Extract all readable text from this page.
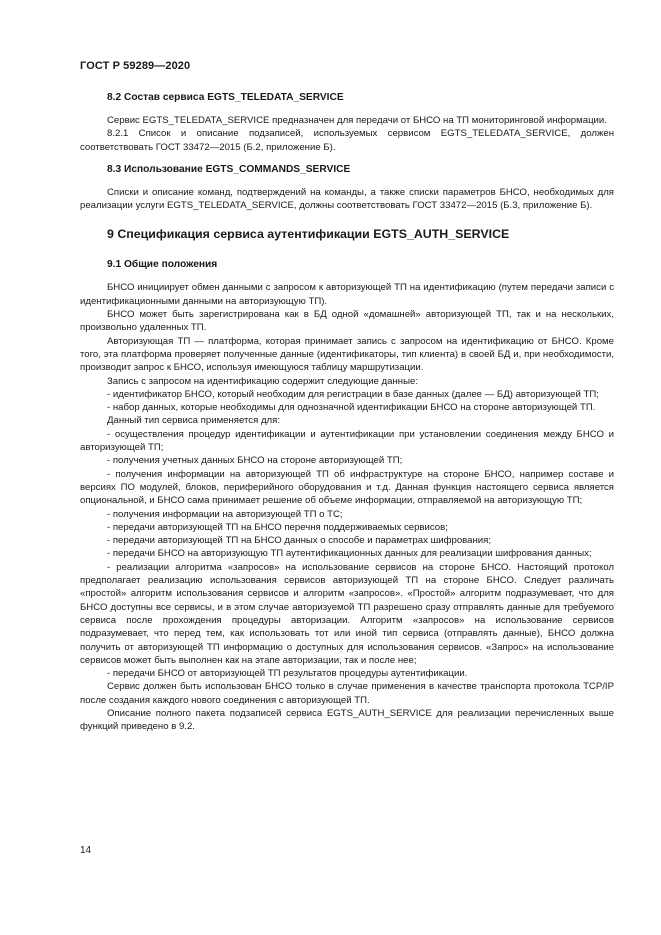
ГОСТ Р 59289—2020
8.2 Состав сервиса EGTS_TELEDATA_SERVICE

Сервис EGTS_TELEDATA_SERVICE предназначен для передачи от БНСО на ТП мониторинговой информации.

8.2.1 Список и описание подзаписей, используемых сервисом EGTS_TELEDATA_SERVICE, должен соответствовать ГОСТ 33472—2015 (Б.2, приложение Б).

8.3 Использование EGTS_COMMANDS_SERVICE

Списки и описание команд, подтверждений на команды, а также списки параметров БНСО, необходимых для реализации услуги EGTS_TELEDATA_SERVICE, должны соответствовать ГОСТ 33472—2015 (Б.3, приложение Б).

9 Спецификация сервиса аутентификации EGTS_AUTH_SERVICE
9.1 Общие положения

БНСО инициирует обмен данными с запросом к авторизующей ТП на идентификацию (путем передачи записи с идентификационными данными на авторизующую ТП).

БНСО может быть зарегистрирована как в БД одной «домашней» авторизующей ТП, так и на нескольких, произвольно удаленных ТП.

Авторизующая ТП — платформа, которая принимает запись с запросом на идентификацию от БНСО. Кроме того, эта платформа проверяет полученные данные (идентификаторы, тип клиента) в своей БД и, при необходимости, производит запрос к БНСО, используя имеющуюся таблицу маршрутизации.

Запись с запросом на идентификацию содержит следующие данные:

- идентификатор БНСО, который необходим для регистрации в базе данных (далее — БД) авторизующей ТП;

- набор данных, которые необходимы для однозначной идентификации БНСО на стороне авторизующей ТП.

Данный тип сервиса применяется для:

- осуществления процедур идентификации и аутентификации при установлении соединения между БНСО и авторизующей ТП;

- получения учетных данных БНСО на стороне авторизующей ТП;

- получения информации на авторизующей ТП об инфраструктуре на стороне БНСО, например составе и версиях ПО модулей, блоков, периферийного оборудования и т.д. Данная функция настоящего сервиса является опциональной, и БНСО сама принимает решение об объеме информации, отправляемой на авторизующую ТП;

- получения информации на авторизующей ТП о ТС;

- передачи авторизующей ТП на БНСО перечня поддерживаемых сервисов;

- передачи авторизующей ТП на БНСО данных о способе и параметрах шифрования;

- передачи БНСО на авторизующую ТП аутентификационных данных для реализации шифрования данных;

- реализации алгоритма «запросов» на использование сервисов на стороне БНСО. Настоящий протокол предполагает реализацию использования сервисов авторизующей ТП на стороне БНСО. Следует различать «простой» алгоритм использования сервисов и алгоритм «запросов». «Простой» алгоритм подразумевает, что для БНСО доступны все сервисы, и в этом случае авторизуемой ТП разрешено сразу отправлять данные для требуемого сервиса после прохождения процедуры авторизации. Алгоритм «запросов» на использование сервисов подразумевает, что перед тем, как использовать тот или иной тип сервиса (отправлять данные), БНСО должна получить от авторизующей ТП информацию о доступных для использования сервисов. «Запрос» на использование сервисов может быть выполнен как на этапе авторизации, так и после нее;

- передачи БНСО от авторизующей ТП результатов процедуры аутентификации.

Сервис должен быть использован БНСО только в случае применения в качестве транспорта протокола TCP/IP после создания каждого нового соединения с авторизующей ТП.

Описание полного пакета подзаписей сервиса EGTS_AUTH_SERVICE для реализации перечисленных выше функций приведено в 9.2.

14
